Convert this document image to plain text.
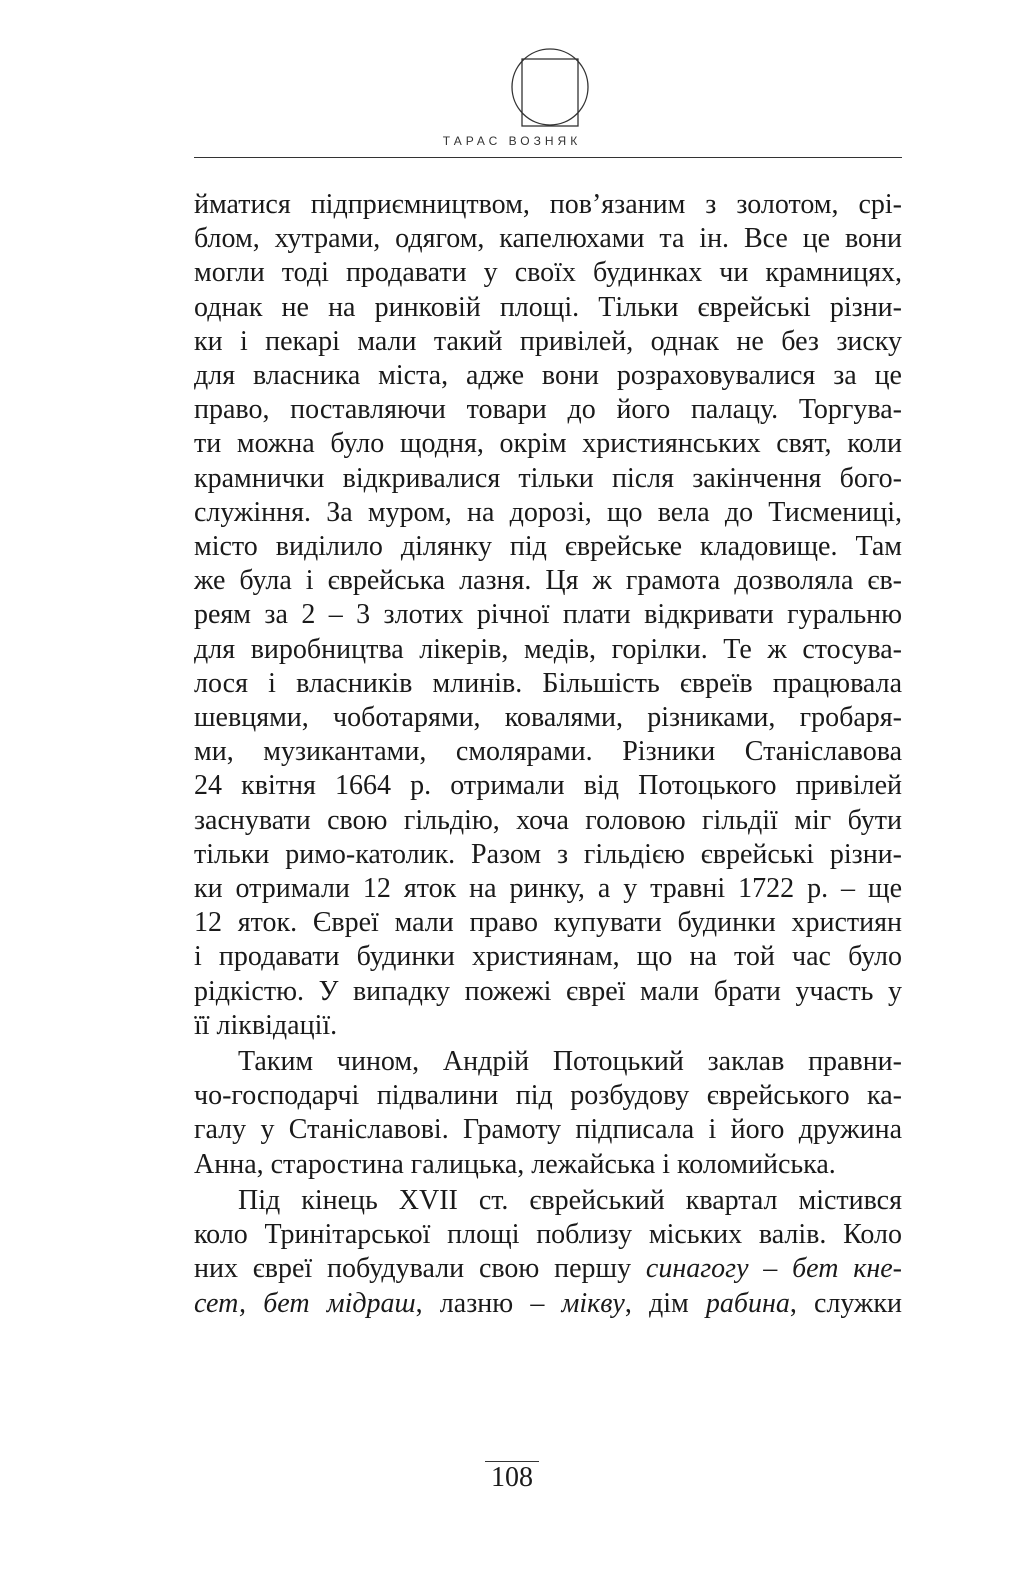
ТАРАС ВОЗНЯК

йматися підприємництвом, пов’язаним з золотом, срі-

блом, хутрами, одягом, капелюхами та ін. Все це вони

могли тоді продавати у своїх будинках чи крамницях,

однак не на ринковій площі. Тільки єврейські різни-

ки і пекарі мали такий привілей, однак не без зиску

для власника міста, адже вони розраховувалися за це

право, поставляючи товари до його палацу. Торгува-

ти можна було щодня, окрім християнських свят, коли

крамнички відкривалися тільки після закінчення бого-

служіння. За муром, на дорозі, що вела до Тисмениці,

місто виділило ділянку під єврейське кладовище. Там

же була і єврейська лазня. Ця ж грамота дозволяла єв-

реям за 2 – 3 злотих річної плати відкривати гуральню

для виробництва лікерів, медів, горілки. Те ж стосува-

лося і власників млинів. Більшість євреїв працювала

шевцями, чоботарями, ковалями, різниками, гробаря-

ми, музикантами, смолярами. Різники Станіславова

24 квітня 1664 р. отримали від Потоцького привілей

заснувати свою гільдію, хоча головою гільдії міг бути

тільки римо-католик. Разом з гільдією єврейські різни-

ки отримали 12 яток на ринку, а у травні 1722 р. – ще

12 яток. Євреї мали право купувати будинки християн

і продавати будинки християнам, що на той час було

рідкістю. У випадку пожежі євреї мали брати участь у

її ліквідації.

Таким чином, Андрій Потоцький заклав правни-

чо-господарчі підвалини під розбудову єврейського ка-

галу у Станіславові. Грамоту підписала і його дружина

Анна, старостина галицька, лежайська і коломийська.

Під кінець XVII ст. єврейський квартал містився

коло Тринітарської площі поблизу міських валів. Коло

них євреї побудували свою першу синагогу – бет кне-

сет, бет мідраш, лазню – мікву, дім рабина, служки

108
